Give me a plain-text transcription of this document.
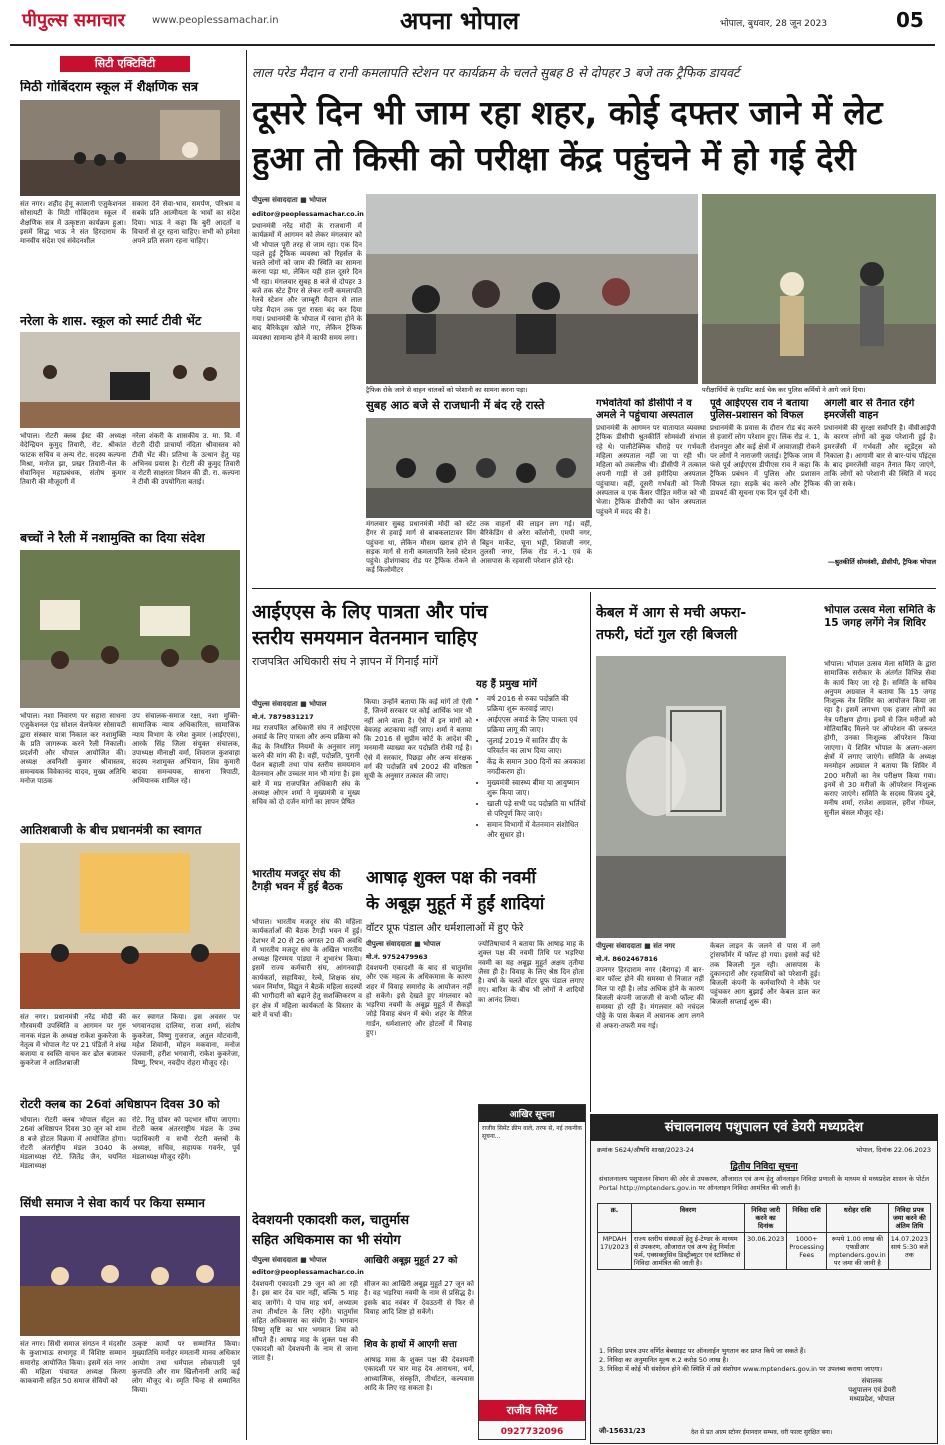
पीपुल्स समाचार	www.peoplessamachar.in	अपना भोपाल	भोपाल, बुधवार, 28 जून 2023	05
सिटी एक्टिविटी
मिठी गोबिंदराम स्कूल में शैक्षणिक सत्र
संत नगर। शहीद हेमू कालानी एजुकेशनल सोसायटी के मिठी गोबिंदराम स्कूल में शैक्षणिक सत्र में उत्कृष्टता कार्यक्रम हुआ। इसमें सिद्ध भाऊ ने संत हिरदाराम के मानवीय संदेश एवं संवेदनशील
सकारा देने सेवा-भाव, समर्पण, परिश्रम व सबके प्रति आत्मीयता के भावों का संदेश दिया। भाऊ ने कहा कि बुरी आदतों व विचारों से दूर रहना चाहिए। सभी को हमेशा अपने प्रति सजग रहना चाहिए।
नरेला के शास. स्कूल को स्मार्ट टीवी भेंट
भोपाल। रोटरी क्लब ईस्ट की अध्यक्ष वेदेन्द्रियन कुमुद तिवारी, रोट. श्रीकांत फाटक सचिव व अन्य रोट. सदस्य कल्पना मिश्रा, मनोज झा, प्रखर तिवारी-मेल के सेवानिवृत्त महाप्रबंधक, संतोष कुमार तिवारी की मौजूदगी में
नरेला शंकरी के शासकीय उ. मा. वि. में रोटरी दीदी प्राचार्या नंदिता श्रीवास्तव को टीवी भेंट की। प्रतिभा के उत्थान हेतु यह अभिनव प्रयास है। रोटरी की कुमुद तिवारी व रोटरी साक्षरता मिशन की डी. रा. कल्पना ने टीवी की उपयोगिता बताई।
बच्चों ने रैली में नशामुक्ति का दिया संदेश
भोपाल। नशा निवारण पर सहारा साधना एजुकेशनल एंड सोशल वेलफेयर सोसायटी द्वारा संस्कार यात्रा निकाल कर नशामुक्ति के प्रति जागरूक करने रैली निकाली। प्रदर्शनी और चौपाल आयोजित की। अध्यक्ष अवनिशी कुमार श्रीवास्तव, समन्वयक विवेकानंद यादव, मुख्य अतिथि मनोज पाठक
उप संचालक-समाज रक्षा, नशा मुक्ति-सामाजिक न्याय अधिकारिता, सामाजिक न्याय विभाग के रमेश कुमार (आईएएस), आरके सिंह जिला संयुक्त संचालक, उपाध्यक्ष मीनाक्षी वर्मा, शिवराज कुशवाहा सदस्य नशामुक्त अभियान, शिव कुमारी बादवा समन्वयक, साधना त्रिपाठी, अभियानक शामिल रहे।
आतिशबाजी के बीच प्रधानमंत्री का स्वागत
संत नगर। प्रधानमंत्री नरेंद्र मोदी की गौरवमयी उपस्थिति व आगमन पर गुरु नानक मंडल के अध्यक्ष राकेश कुकरेजा के नेतृत्व में भोपाल गेट पर 21 पंडितों ने शंख बजाया व स्वस्ति वाचन कर ढोल बजाकर कुकरेजा ने आतिशबाजी
कर स्वागत किया। इस अवसर पर भगवानदास दालिया, राजा शर्मा, संतोष कुकरेजा, विष्णु गुजराज, अतुल मोटवानी, महेश शिवानी, मोहन मकवाना, मनोज पंजवानी, हरीश भगवानी, राकेश कुकरेजा, विष्णु, रिषभ, नवदीप रोहरा मौजूद रहे।
रोटरी क्लब का 26वां अधिष्ठापन दिवस 30 को
भोपाल। रोटरी क्लब भोपाल सेंट्रल का 26वां अधिष्ठापन दिवस 30 जून को शाम 8 बजे होटल विक्रमा में आयोजित होगा। रोटरी अंतर्राष्ट्रीय मंडल 3040 के मंडलाध्यक्ष रोटे. जितेंद्र जैन, चयनित मंडलाध्यक्ष
रोटे. रितु ग्रोवर को पदभार सौंपा जाएगा। रोटरी क्लब अंतरराष्ट्रीय मंडल के उच्च पदाधिकारी व सभी रोटरी क्लबों के अध्यक्ष, सचिव, सहायक गवर्नर, पूर्व मंडलाध्यक्ष मौजूद रहेंगे।
सिंधी समाज ने सेवा कार्य पर किया सम्मान
संत नगर। सिंधी समाज संगठन ने मंदसौर के कुशाभाऊ सभागृह में विशिष्ट सम्मान समारोह आयोजित किया। इसमें संत नगर की महिला पंचायत अध्यक्ष किरण काकवानी सहित 50 समाज सेवियों को
उत्कृष्ट कार्यों पर सम्मानित किया। मुख्यातिथि मनोहर ममतानी मानव अधिकार आयोग तथा धर्मपाल लोकपाली पूर्व कुलपति और राम खिलौनानी आदि कई लोग मौजूद थे। स्मृति चिन्ह से सम्मानित किया।
लाल परेड मैदान व रानी कमलापति स्टेशन पर कार्यक्रम के चलते सुबह 8 से दोपहर 3 बजे तक ट्रैफिक डायवर्ट
दूसरे दिन भी जाम रहा शहर, कोई दफ्तर जाने में लेट
हुआ तो किसी को परीक्षा केंद्र पहुंचने में हो गई देरी
पीपुल्स संवाददाता ■ भोपाल
editor@peoplessamachar.co.in
प्रधानमंत्री नरेंद्र मोदी के राजधानी में कार्यक्रमों में आगमन को लेकर मंगलवार को भी भोपाल पूरी तरह से जाम रहा। एक दिन पहले हुई ट्रैफिक व्यवस्था को रिहर्सल के चलते लोगों को जाम की स्थिति का सामना करना पड़ा था, लेकिन यही हाल दूसरे दिन भी रहा। मंगलवार सुबह 8 बजे से दोपहर 3 बजे तक स्टेट हैंगर से लेकर रानी कमलापति रेलवे स्टेशन और जाम्बूरी मैदान से लाल परेड मैदान तक पूरा रास्ता बंद कर दिया गया। प्रधानमंत्री के भोपाल में रवाना होने के बाद बैरिकेड्स खोले गए, लेकिन ट्रैफिक व्यवस्था सामान्य होने में काफी समय लगा।
ट्रैफिक रोके जाने से वाहन चालकों को परेशानी का सामना करना पड़ा।	परीक्षार्थियों के एडमिट कार्ड चेक कर पुलिस कर्मियों ने आगे जाने दिया।
सुबह आठ बजे से राजधानी में बंद रहे रास्ते
मंगलवार सुबह प्रधानमंत्री मोदी को स्टेट हैंगर से हवाई मार्ग से बाबकलाटावर विंग पहुंचना था, लेकिन मौसम खराब होने से सड़क मार्ग से रानी कमलापति रेलवे स्टेशन पहुंचे। होशंगाबाद रोड पर ट्रैफिक रोकने से कई किलोमीटर
तक वाहनों की लाइन लग गई। वहीं, बैरिकेडिंग से अरेरा कॉलोनी, एमपी नगर, बिट्टन मार्केट, चूना भट्टी, शिवाजी नगर, तुलसी नगर, लिंक रोड नं.-1 एवं के आसपास के रहवासी परेशान होते रहे।
गर्भवतियों को डीसीपी ने व अमले ने पहुंचाया अस्पताल
प्रधानमंत्री के आगमन पर यातायात व्यवस्था ट्रैफिक डीसीपी श्रुतकीर्ति सोमवंशी संभाल रहे थे। पालीटेक्निक चौराहे पर गर्भवती महिला अस्पताल नहीं जा पा रही थी। महिला को तकलीफ थी। डीसीपी ने तत्काल अपनी गाड़ी से उसे हमीदिया अस्पताल पहुंचाया। वहीं, दूसरी गर्भवती को निजी अस्पताल व एक कैंसर पीड़ित मरीज को भी भेजा। ट्रैफिक डीसीपी का फोन अस्पताल पहुंचने में मदद की है।
पूर्व आईएएस राव ने बताया पुलिस-प्रशासन को विफल
प्रधानमंत्री के प्रवास के दौरान रोड बंद करने से हजारों लोग परेशान हुए। लिंक रोड नं. 1, रोशनपुरा और कई क्षेत्रों में आवाजाही रोकने पर लोगों ने नाराजगी जताई। ट्रैफिक जाम में फंसे पूर्व आईएएस डीपीएस राव ने कहा कि ट्रैफिक प्रबंधन में पुलिस और प्रशासन विफल रहा। सड़कें बंद करने और ट्रैफिक डायवर्ट की सूचना एक दिन पूर्व देनी थी।
अगली बार से तैनात रहेंगे इमरजेंसी वाहन
प्रधानमंत्री की सुरक्षा सर्वोपरि है। वीवीआईपी के कारण लोगों को कुछ परेशानी हुई है। इमरजेंसी में गर्भवती और स्टूडेंट्स को निकाला है। आगामी बार से बार-पांच पॉइंट्स के बाद इमरजेंसी वाहन तैनात किए जाएंगे, ताकि लोगों को परेशानी की स्थिति में मदद की जा सके।
—श्रुतकीर्ति सोमवंशी, डीसीपी, ट्रैफिक भोपाल
आईएएस के लिए पात्रता और पांच
स्तरीय समयमान वेतनमान चाहिए
राजपत्रित अधिकारी संघ ने ज्ञापन में गिनाईं मांगें
पीपुल्स संवाददाता ■ भोपाल
मो.नं. 7879831217
मप्र राजपत्रित अधिकारी संघ ने आईएएस अवार्ड के लिए पात्रता और अन्य प्रक्रिया को केंद्र के निर्धारित नियमों के अनुसार लागू करने की मांग की है। वहीं, पदोन्नति, पुरानी पेंशन बहाली तथा पांच स्तरीय समयमान वेतनमान और उच्चतर मान भी मांगा है। इस बारे में मप्र राजपत्रित अधिकारी संघ के अध्यक्ष ओएन शर्मा ने मुख्यमंत्री व मुख्य सचिव को दो दर्जन मांगों का ज्ञापन प्रेषित
किया। उन्होंने बताया कि कई मांगें तो ऐसी हैं, जिनमें सरकार पर कोई आर्थिक भार भी नहीं आने वाला है। ऐसे में इन मांगों को बेवजह अटकाया नहीं जाए। शर्मा ने बताया कि 2016 से सुप्रीम कोर्ट के आदेश की मनमानी व्याख्या कर पदोन्नति रोकी गई है। ऐसे में सरकार, पिछड़ा और अन्य संरक्षक वर्ग की पदोन्नति वर्ष 2002 की वरिष्ठता सूची के अनुसार तत्काल की जाए।
यह हैं प्रमुख मांगें
• वर्ष 2016 से रुका पदोन्नति की प्रक्रिया शुरू करवाई जाए।
• आईएएस अवार्ड के लिए पात्रता एवं प्रक्रिया लागू की जाए।
• जुलाई 2019 में सातिर डीए के परिवर्तन का लाभ दिया जाए।
• केंद्र के समान 300 दिनों का अवकाश नगदीकरण हो।
• मुख्यमंत्री स्वास्थ्य बीमा या आयुष्मान शुरू किया जाए।
• खाली पड़े सभी पद पदोन्नति या भर्तियों से परिपूर्ण किए जाएं।
• समान विभागों में वेतनमान संशोधित और सुधार हो।
भारतीय मजदूर संघ की टैगड़ी भवन में हुई बैठक
भोपाल। भारतीय मजदूर संघ की महिला कार्यकर्ताओं की बैठक टैगड़ी भवन में हुई। देशभर में 20 से 26 अगस्त 20 की अवधि में भारतीय मजदूर संघ के अखिल भारतीय अध्यक्ष हिरण्मय पांड्या ने शुभारंभ किया। इसमें राज्य कर्मचारी संघ, आंगनवाड़ी कार्यकर्ता, सहायिका, रेल्वे, शिक्षक संघ, भवन निर्माण, विद्युत ने बैठकें महिला सदस्यों की भागीदारी को बढ़ाने हेतु सशक्तिकरण व हर क्षेत्र में महिला कार्यकर्ता के विस्तार के बारे में चर्चा की।
आषाढ़ शुक्ल पक्ष की नवमीं
के अबूझ मुहूर्त में हुईं शादियां
वॉटर प्रूफ पंडाल और धर्मशालाओं में हुए फेरे
पीपुल्स संवाददाता ■ भोपाल
मो.नं. 9752479963
देवशयनी एकादशी के बाद से चातुर्मास और एक महत्व के अधिकमास के कारण शहर में विवाह समारोह के आयोजन नहीं हो सकेंगे। इसे देखते हुए मंगलवार को भड़रिया नवमी के अबूझ मुहूर्त में सैकड़ों जोड़े विवाह बंधन में बंधे। शहर के मैरिज गार्डन, धर्मशालाएं और होटलों में विवाह हुए।
ज्योतिषाचार्य ने बताया कि आषाढ़ माह के शुक्ल पक्ष की नवमी तिथि पर भड़रिया नवमी का यह अबूझ मुहूर्त अक्षय तृतीया जैसा ही है। विवाह के लिए श्रेष्ठ दिन होता है। वर्षा के चलते वॉटर प्रूफ पंडाल लगाए गए। बारिश के बीच भी लोगों ने शादियों का आनंद लिया।
देवशयनी एकादशी कल, चातुर्मास
सहित अधिकमास का भी संयोग
पीपुल्स संवाददाता ■ भोपाल
editor@peoplessamachar.co.in
देवशयनी एकादशी 29 जून को आ रही है। इस बार देव चार नहीं, बल्कि 5 माह बाद जागेंगे। ये पांच माह धर्म, अध्यात्म तथा तीर्थाटन के लिए रहेंगे। चातुर्मास सहित अधिकमास का संयोग है। भगवान विष्णु सृष्टि का भार भगवान शिव को सौंपते हैं। आषाढ़ माह के शुक्ल पक्ष की एकादशी को देवशयनी के नाम से जाना जाता है।
आखिरी अबूझ मुहूर्त 27 को
सीजन का आखिरी अबूझ मुहूर्त 27 जून को है। वह भड़रिया नवमी के नाम से प्रसिद्ध है। इसके बाद नवंबर में देवउठनी से फिर से विवाह आदि शिष्ट हो सकेंगे।
शिव के हाथों में आएगी सत्ता
आषाढ़ मास के शुक्ल पक्ष की देवशयनी एकादशी पर चार माह देव आराधना, धर्म, आध्यात्मिक, संस्कृति, तीर्थाटन, कल्पवास आदि के लिए रह सकता है।
आखिर सूचना
राजीव सिमेंट क्रीम वाले, तरफ से, नई तकनीक सूचना...
राजीव सिमेंट
0927732096
केबल में आग से मची अफरा-
तफरी, घंटों गुल रही बिजली
पीपुल्स संवाददाता ■ संत नगर
मो.नं. 8602467816
उपनगर हिरदाराम नगर (बैरागढ़) में बार-बार फॉल्ट होने की समस्या से निजात नहीं मिल पा रही है। लोड अधिक होने के कारण बिजली कंपनी जाजजी से कभी फॉल्ट की समस्या हो रही है। मंगलवार को नचंदल पोठ्ठे के पास केबल में अचानक आग लगने से अफरा-तफरी मच गई।
केबल लाइन के जलने से पास में लगे ट्रांसफॉर्मर में फॉल्ट हो गया। इससे कई घंटे तक बिजली गुल रही। आसपास के दुकानदारों और रहवासियों को परेशानी हुई। बिजली कंपनी के कर्मचारियों ने मौके पर पहुंचकर आग बुझाई और केबल डाल कर बिजली सप्लाई शुरू की।
भोपाल उत्सव मेला समिति के 15 जगह लगेंगे नेत्र शिविर
भोपाल। भोपाल उत्सव मेला समिति के द्वारा सामाजिक सरोकार के अंतर्गत विभिन्न सेवा के कार्य किए जा रहे हैं। समिति के सचिव अनुपम अग्रवाल ने बताया कि 15 जगह निःशुल्क नेत्र शिविर का आयोजन किया जा रहा है। इसमें लगभग एक हजार लोगों का नेत्र परीक्षण होगा। इनमें से जिन मरीजों को मोतियाबिंद मिलने पर ऑपरेशन की जरूरत होगी, उनका निःशुल्क ऑपरेशन किया जाएगा। ये शिविर भोपाल के अलग-अलग क्षेत्रों में लगाए जाएंगे। समिति के अध्यक्ष मनमोहन अग्रवाल ने बताया कि शिविर में 200 मरीजों का नेत्र परीक्षण किया गया। इनमें से 30 मरीजों के ऑपरेशन निःशुल्क कराए जाएंगे। समिति के सदस्य विजय दुबे, मनीष शर्मा, राजेश अग्रवाल, हरीश गोयल, सुनील बंसल मौजूद रहे।
संचालनालय पशुपालन एवं डेयरी मध्यप्रदेश
क्रमांक 5624/औषधि शाखा/2023-24	भोपाल, दिनांक 22.06.2023
द्वितीय निविदा सूचना
संचालनालय पशुपालन विभाग की ओर से उपकरण, औजारात एवं अन्य हेतु ऑनलाइन निविदा प्रणाली के माध्यम से मध्यप्रदेश शासन के पोर्टल Portal http://mptenders.gov.in पर ऑनलाइन निविदा आमंत्रित की जाती है।
क्र.	विवरण	निविदा जारी करने का दिनांक	निविदा राशि	धरोहर राशि	निविदा प्रपत्र जमा करने की अंतिम तिथि
MPDAH 17I/2023	राज्य स्तरीय संस्थाओं हेतु ई-टेण्डर के माध्यम से उपकरण, औजारात एवं अन्य हेतु निर्माता फर्म, एक्सक्लूसिव डिस्ट्रीब्यूटर एवं स्टॉकिस्ट से निविदा आमंत्रित की जाती है।	30.06.2023	1000+ Processing Fees	रूपये 1.00 लाख की एफडीआर mptenders.gov.in पर जमा की जानी है	14.07.2023 सायं 5:30 बजे तक
1. निविदा प्रपत्र उपर वर्णित बेबसाइट पर ऑनलाईन भुगतान कर प्राप्त किये जा सकते हैं।
2. निविदा का अनुमानित मूल्य रु.2 करोड़ 50 लाख है।
3. निविदा में कोई भी संशोधन होने की स्थिति में उसे संशोधन www.mptenders.gov.in पर उपलब्ध कराया जाएगा।
संचालक
पशुपालन एवं डेयरी
मध्यप्रदेश, भोपाल
जी-15631/23	देश से प्रत आत्म स्टोनर ईमानदार सम्भव, धरी फाल्ट सुरक्षित बना।
